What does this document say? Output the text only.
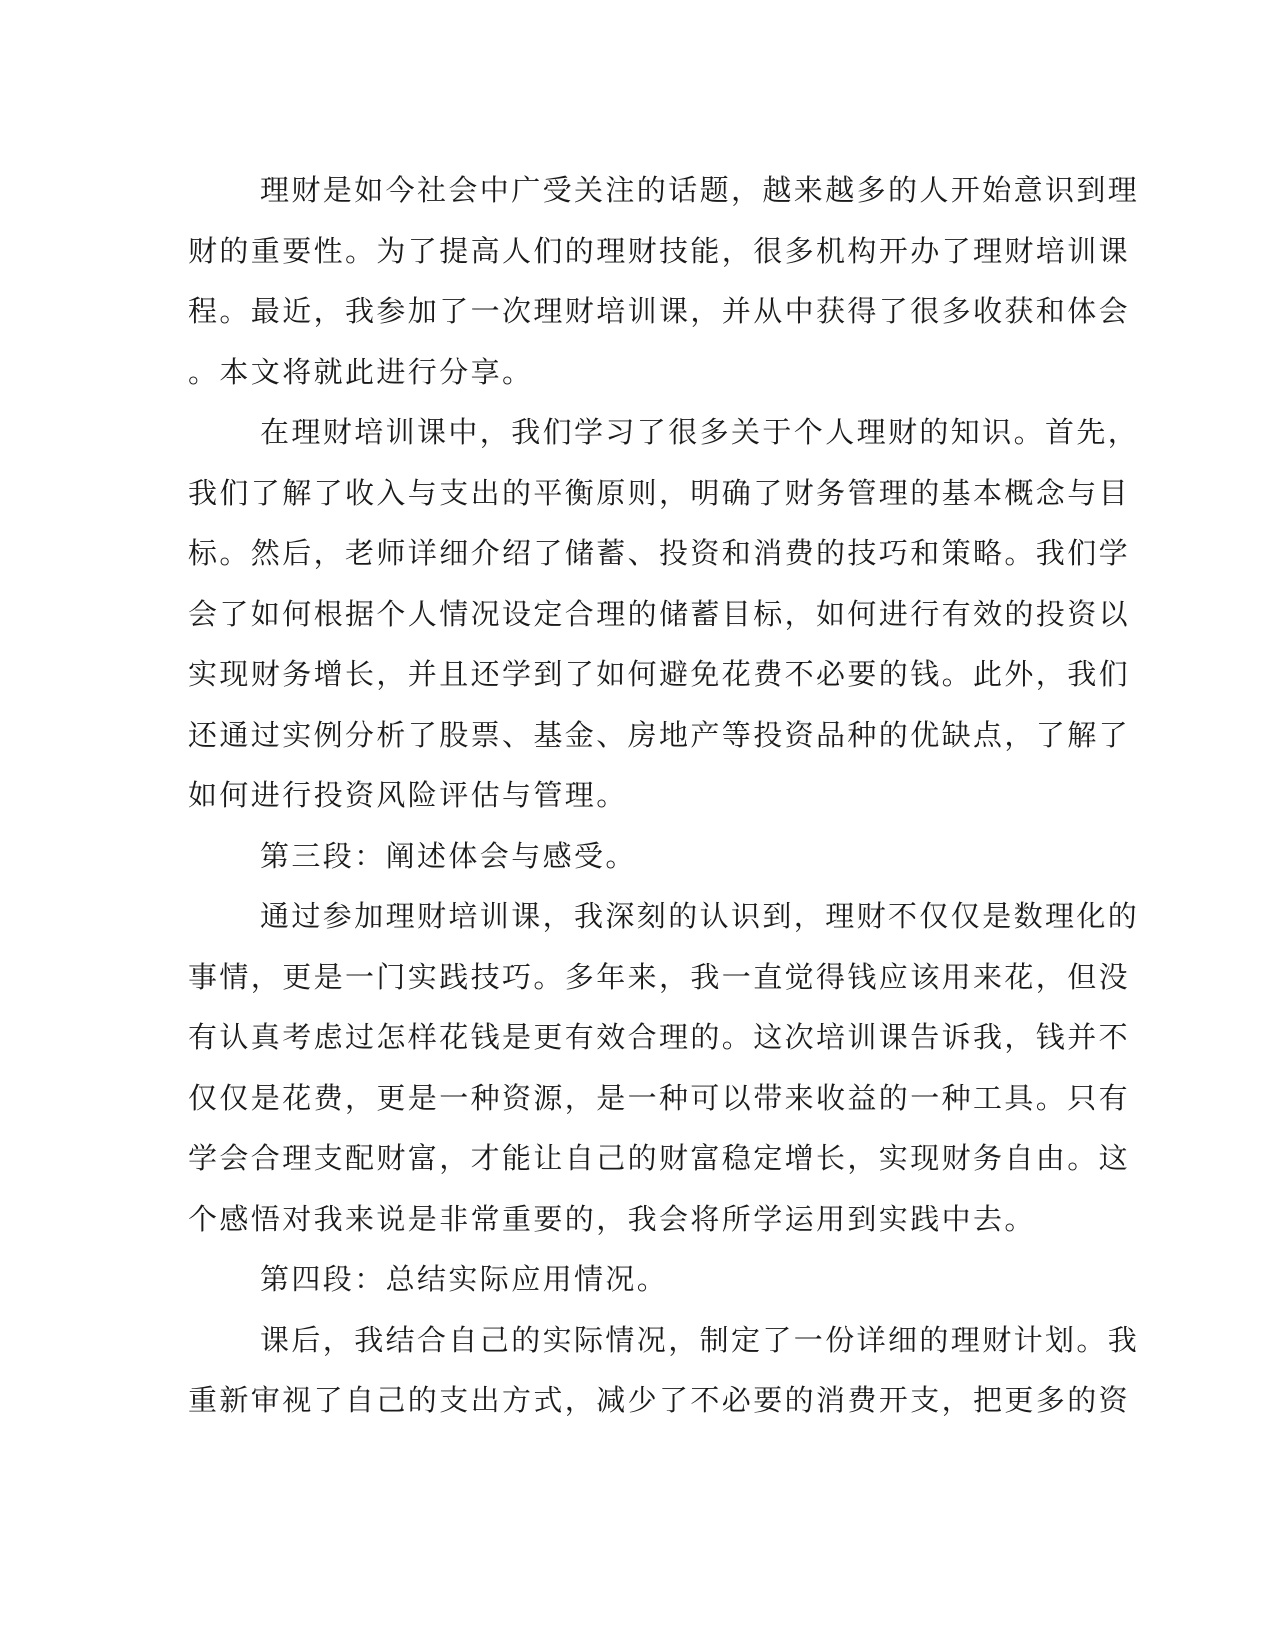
理财是如今社会中广受关注的话题，越来越多的人开始意识到理
财的重要性。为了提高人们的理财技能，很多机构开办了理财培训课
程。最近，我参加了一次理财培训课，并从中获得了很多收获和体会
。本文将就此进行分享。
在理财培训课中，我们学习了很多关于个人理财的知识。首先，
我们了解了收入与支出的平衡原则，明确了财务管理的基本概念与目
标。然后，老师详细介绍了储蓄、投资和消费的技巧和策略。我们学
会了如何根据个人情况设定合理的储蓄目标，如何进行有效的投资以
实现财务增长，并且还学到了如何避免花费不必要的钱。此外，我们
还通过实例分析了股票、基金、房地产等投资品种的优缺点，了解了
如何进行投资风险评估与管理。
第三段：阐述体会与感受。
通过参加理财培训课，我深刻的认识到，理财不仅仅是数理化的
事情，更是一门实践技巧。多年来，我一直觉得钱应该用来花，但没
有认真考虑过怎样花钱是更有效合理的。这次培训课告诉我，钱并不
仅仅是花费，更是一种资源，是一种可以带来收益的一种工具。只有
学会合理支配财富，才能让自己的财富稳定增长，实现财务自由。这
个感悟对我来说是非常重要的，我会将所学运用到实践中去。
第四段：总结实际应用情况。
课后，我结合自己的实际情况，制定了一份详细的理财计划。我
重新审视了自己的支出方式，减少了不必要的消费开支，把更多的资
